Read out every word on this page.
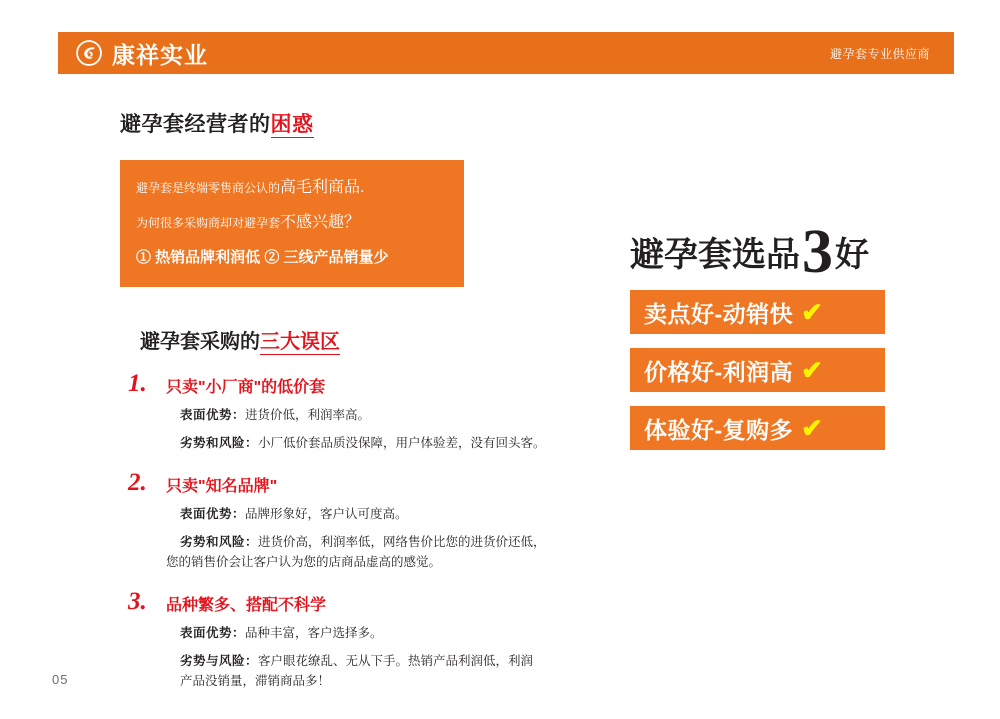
康祥实业	避孕套专业供应商
避孕套经营者的困惑
避孕套是终端零售商公认的高毛利商品.
为何很多采购商却对避孕套不感兴趣？
① 热销品牌利润低 ② 三线产品销量少
避孕套采购的三大误区
1. 只卖"小厂商"的低价套
表面优势：进货价低，利润率高。
劣势和风险：小厂低价套品质没保障，用户体验差，没有回头客。
2. 只卖"知名品牌"
表面优势：品牌形象好，客户认可度高。
劣势和风险：进货价高，利润率低，网络售价比您的进货价还低，
您的销售价会让客户认为您的店商品虚高的感觉。
3. 品种繁多、搭配不科学
表面优势：品种丰富，客户选择多。
劣势与风险：客户眼花缭乱、无从下手。热销产品利润低，利润
产品没销量，滞销商品多！
避孕套选品 3 好
卖点好-动销快 ✔
价格好-利润高 ✔
体验好-复购多 ✔
05
